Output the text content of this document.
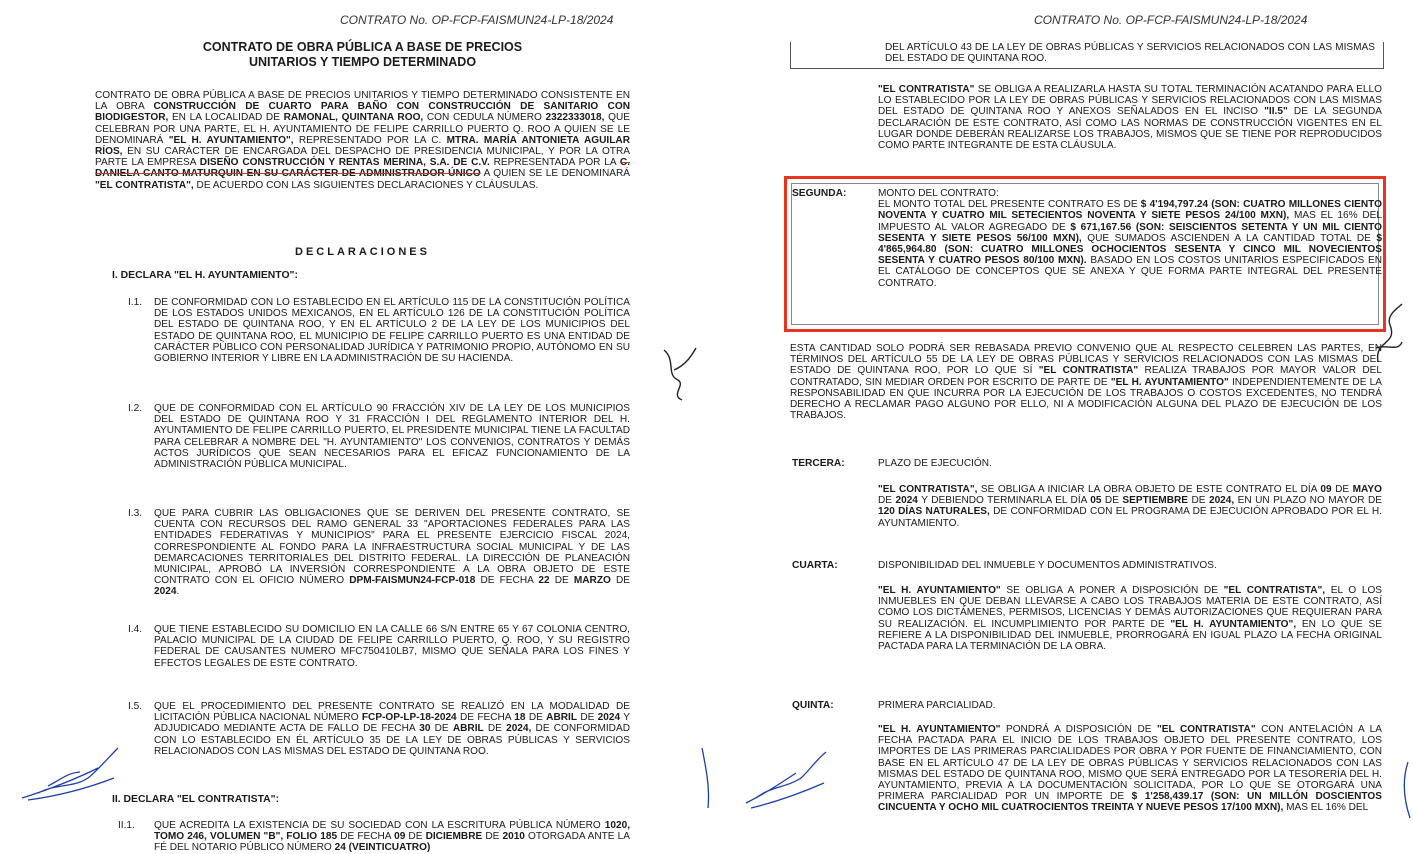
CONTRATO No. OP-FCP-FAISMUN24-LP-18/2024
CONTRATO DE OBRA PÚBLICA A BASE DE PRECIOS
UNITARIOS Y TIEMPO DETERMINADO
CONTRATO DE OBRA PÚBLICA A BASE DE PRECIOS UNITARIOS Y TIEMPO DETERMINADO CONSISTENTE EN LA OBRA CONSTRUCCIÓN DE CUARTO PARA BAÑO CON CONSTRUCCIÓN DE SANITARIO CON BIODIGESTOR, EN LA LOCALIDAD DE RAMONAL, QUINTANA ROO, CON CEDULA NÚMERO 2322333018, QUE CELEBRAN POR UNA PARTE, EL H. AYUNTAMIENTO DE FELIPE CARRILLO PUERTO Q. ROO A QUIEN SE LE DENOMINARÁ "EL H. AYUNTAMIENTO", REPRESENTADO POR LA C. MTRA. MARÍA ANTONIETA AGUILAR RÍOS, EN SU CARÁCTER DE ENCARGADA DEL DESPACHO DE PRESIDENCIA MUNICIPAL, Y POR LA OTRA PARTE LA EMPRESA DISEÑO CONSTRUCCIÓN Y RENTAS MERINA, S.A. DE C.V. REPRESENTADA POR LA C. DANIELA CANTO MATURQUIN EN SU CARÁCTER DE ADMINISTRADOR ÚNICO A QUIEN SE LE DENOMINARÁ "EL CONTRATISTA", DE ACUERDO CON LAS SIGUIENTES DECLARACIONES Y CLÁUSULAS.
DECLARACIONES
I. DECLARA "EL H. AYUNTAMIENTO":
I.1. DE CONFORMIDAD CON LO ESTABLECIDO EN EL ARTÍCULO 115 DE LA CONSTITUCIÓN POLÍTICA DE LOS ESTADOS UNIDOS MEXICANOS, EN EL ARTÍCULO 126 DE LA CONSTITUCIÓN POLÍTICA DEL ESTADO DE QUINTANA ROO, Y EN EL ARTÍCULO 2 DE LA LEY DE LOS MUNICIPIOS DEL ESTADO DE QUINTANA ROO, EL MUNICIPIO DE FELIPE CARRILLO PUERTO ES UNA ENTIDAD DE CARÁCTER PÚBLICO CON PERSONALIDAD JURÍDICA Y PATRIMONIO PROPIO, AUTÓNOMO EN SU GOBIERNO INTERIOR Y LIBRE EN LA ADMINISTRACIÓN DE SU HACIENDA.
I.2. QUE DE CONFORMIDAD CON EL ARTÍCULO 90 FRACCIÓN XIV DE LA LEY DE LOS MUNICIPIOS DEL ESTADO DE QUINTANA ROO Y 31 FRACCIÓN I DEL REGLAMENTO INTERIOR DEL H. AYUNTAMIENTO DE FELIPE CARRILLO PUERTO, EL PRESIDENTE MUNICIPAL TIENE LA FACULTAD PARA CELEBRAR A NOMBRE DEL "H. AYUNTAMIENTO" LOS CONVENIOS, CONTRATOS Y DEMÁS ACTOS JURÍDICOS QUE SEAN NECESARIOS PARA EL EFICAZ FUNCIONAMIENTO DE LA ADMINISTRACIÓN PÚBLICA MUNICIPAL.
I.3. QUE PARA CUBRIR LAS OBLIGACIONES QUE SE DERIVEN DEL PRESENTE CONTRATO, SE CUENTA CON RECURSOS DEL RAMO GENERAL 33 "APORTACIONES FEDERALES PARA LAS ENTIDADES FEDERATIVAS Y MUNICIPIOS" PARA EL PRESENTE EJERCICIO FISCAL 2024, CORRESPONDIENTE AL FONDO PARA LA INFRAESTRUCTURA SOCIAL MUNICIPAL Y DE LAS DEMARCACIONES TERRITORIALES DEL DISTRITO FEDERAL. LA DIRECCIÓN DE PLANEACIÓN MUNICIPAL, APROBÓ LA INVERSIÓN CORRESPONDIENTE A LA OBRA OBJETO DE ESTE CONTRATO CON EL OFICIO NÚMERO DPM-FAISMUN24-FCP-018 DE FECHA 22 DE MARZO DE 2024.
I.4. QUE TIENE ESTABLECIDO SU DOMICILIO EN LA CALLE 66 S/N ENTRE 65 Y 67 COLONIA CENTRO, PALACIO MUNICIPAL DE LA CIUDAD DE FELIPE CARRILLO PUERTO, Q. ROO, Y SU REGISTRO FEDERAL DE CAUSANTES NUMERO MFC750410LB7, MISMO QUE SEÑALA PARA LOS FINES Y EFECTOS LEGALES DE ESTE CONTRATO.
I.5. QUE EL PROCEDIMIENTO DEL PRESENTE CONTRATO SE REALIZÓ EN LA MODALIDAD DE LICITACIÓN PÚBLICA NACIONAL NÚMERO FCP-OP-LP-18-2024 DE FECHA 18 DE ABRIL DE 2024 Y ADJUDICADO MEDIANTE ACTA DE FALLO DE FECHA 30 DE ABRIL DE 2024, DE CONFORMIDAD CON LO ESTABLECIDO EN ÉL ARTÍCULO 35 DE LA LEY DE OBRAS PÚBLICAS Y SERVICIOS RELACIONADOS CON LAS MISMAS DEL ESTADO DE QUINTANA ROO.
II. DECLARA "EL CONTRATISTA":
II.1. QUE ACREDITA LA EXISTENCIA DE SU SOCIEDAD CON LA ESCRITURA PÚBLICA NÚMERO 1020, TOMO 246, VOLUMEN "B", FOLIO 185 DE FECHA 09 DE DICIEMBRE DE 2010 OTORGADA ANTE LA FÉ DEL NOTARIO PÚBLICO NÚMERO 24 (VEINTICUATRO)
CONTRATO No. OP-FCP-FAISMUN24-LP-18/2024
DEL ARTÍCULO 43 DE LA LEY DE OBRAS PÚBLICAS Y SERVICIOS RELACIONADOS CON LAS MISMAS DEL ESTADO DE QUINTANA ROO.
"EL CONTRATISTA" SE OBLIGA A REALIZARLA HASTA SU TOTAL TERMINACIÓN ACATANDO PARA ELLO LO ESTABLECIDO POR LA LEY DE OBRAS PÚBLICAS Y SERVICIOS RELACIONADOS CON LAS MISMAS DEL ESTADO DE QUINTANA ROO Y ANEXOS SEÑALADOS EN EL INCISO "II.5" DE LA SEGUNDA DECLARACIÓN DE ESTE CONTRATO, ASÍ COMO LAS NORMAS DE CONSTRUCCIÓN VIGENTES EN EL LUGAR DONDE DEBERÁN REALIZARSE LOS TRABAJOS, MISMOS QUE SE TIENE POR REPRODUCIDOS COMO PARTE INTEGRANTE DE ESTA CLÁUSULA.
SEGUNDA:	MONTO DEL CONTRATO:
EL MONTO TOTAL DEL PRESENTE CONTRATO ES DE $ 4'194,797.24 (SON: CUATRO MILLONES CIENTO NOVENTA Y CUATRO MIL SETECIENTOS NOVENTA Y SIETE PESOS 24/100 MXN), MAS EL 16% DEL IMPUESTO AL VALOR AGREGADO DE $ 671,167.56 (SON: SEISCIENTOS SETENTA Y UN MIL CIENTO SESENTA Y SIETE PESOS 56/100 MXN), QUE SUMADOS ASCIENDEN A LA CANTIDAD TOTAL DE $ 4'865,964.80 (SON: CUATRO MILLONES OCHOCIENTOS SESENTA Y CINCO MIL NOVECIENTOS SESENTA Y CUATRO PESOS 80/100 MXN). BASADO EN LOS COSTOS UNITARIOS ESPECIFICADOS EN EL CATÁLOGO DE CONCEPTOS QUE SE ANEXA Y QUE FORMA PARTE INTEGRAL DEL PRESENTE CONTRATO.
ESTA CANTIDAD SOLO PODRÁ SER REBASADA PREVIO CONVENIO QUE AL RESPECTO CELEBREN LAS PARTES, EN TÉRMINOS DEL ARTÍCULO 55 DE LA LEY DE OBRAS PÚBLICAS Y SERVICIOS RELACIONADOS CON LAS MISMAS DEL ESTADO DE QUINTANA ROO, POR LO QUE SÍ "EL CONTRATISTA" REALIZA TRABAJOS POR MAYOR VALOR DEL CONTRATADO, SIN MEDIAR ORDEN POR ESCRITO DE PARTE DE "EL H. AYUNTAMIENTO" INDEPENDIENTEMENTE DE LA RESPONSABILIDAD EN QUE INCURRA POR LA EJECUCIÓN DE LOS TRABAJOS O COSTOS EXCEDENTES, NO TENDRÁ DERECHO A RECLAMAR PAGO ALGUNO POR ELLO, NI A MODIFICACIÓN ALGUNA DEL PLAZO DE EJECUCIÓN DE LOS TRABAJOS.
TERCERA:	PLAZO DE EJECUCIÓN.
"EL CONTRATISTA", SE OBLIGA A INICIAR LA OBRA OBJETO DE ESTE CONTRATO EL DÍA 09 DE MAYO DE 2024 Y DEBIENDO TERMINARLA EL DÍA 05 DE SEPTIEMBRE DE 2024, EN UN PLAZO NO MAYOR DE 120 DÍAS NATURALES, DE CONFORMIDAD CON EL PROGRAMA DE EJECUCIÓN APROBADO POR EL H. AYUNTAMIENTO.
CUARTA:	DISPONIBILIDAD DEL INMUEBLE Y DOCUMENTOS ADMINISTRATIVOS.
"EL H. AYUNTAMIENTO" SE OBLIGA A PONER A DISPOSICIÓN DE "EL CONTRATISTA", EL O LOS INMUEBLES EN QUE DEBAN LLEVARSE A CABO LOS TRABAJOS MATERIA DE ESTE CONTRATO, ASÍ COMO LOS DICTÁMENES, PERMISOS, LICENCIAS Y DEMÁS AUTORIZACIONES QUE REQUIERAN PARA SU REALIZACIÓN. EL INCUMPLIMIENTO POR PARTE DE "EL H. AYUNTAMIENTO", EN LO QUE SE REFIERE A LA DISPONIBILIDAD DEL INMUEBLE, PRORROGARÁ EN IGUAL PLAZO LA FECHA ORIGINAL PACTADA PARA LA TERMINACIÓN DE LA OBRA.
QUINTA:	PRIMERA PARCIALIDAD.
"EL H. AYUNTAMIENTO" PONDRÁ A DISPOSICIÓN DE "EL CONTRATISTA" CON ANTELACIÓN A LA FECHA PACTADA PARA EL INICIO DE LOS TRABAJOS OBJETO DEL PRESENTE CONTRATO, LOS IMPORTES DE LAS PRIMERAS PARCIALIDADES POR OBRA Y POR FUENTE DE FINANCIAMIENTO, CON BASE EN EL ARTÍCULO 47 DE LA LEY DE OBRAS PÚBLICAS Y SERVICIOS RELACIONADOS CON LAS MISMAS DEL ESTADO DE QUINTANA ROO, MISMO QUE SERÁ ENTREGADO POR LA TESORERÍA DEL H. AYUNTAMIENTO, PREVIA A LA DOCUMENTACIÓN SOLICITADA, POR LO QUE SE OTORGARÁ UNA PRIMERA PARCIALIDAD POR UN IMPORTE DE $ 1'258,439.17 (SON: UN MILLÓN DOSCIENTOS CINCUENTA Y OCHO MIL CUATROCIENTOS TREINTA Y NUEVE PESOS 17/100 MXN), MAS EL 16% DEL
